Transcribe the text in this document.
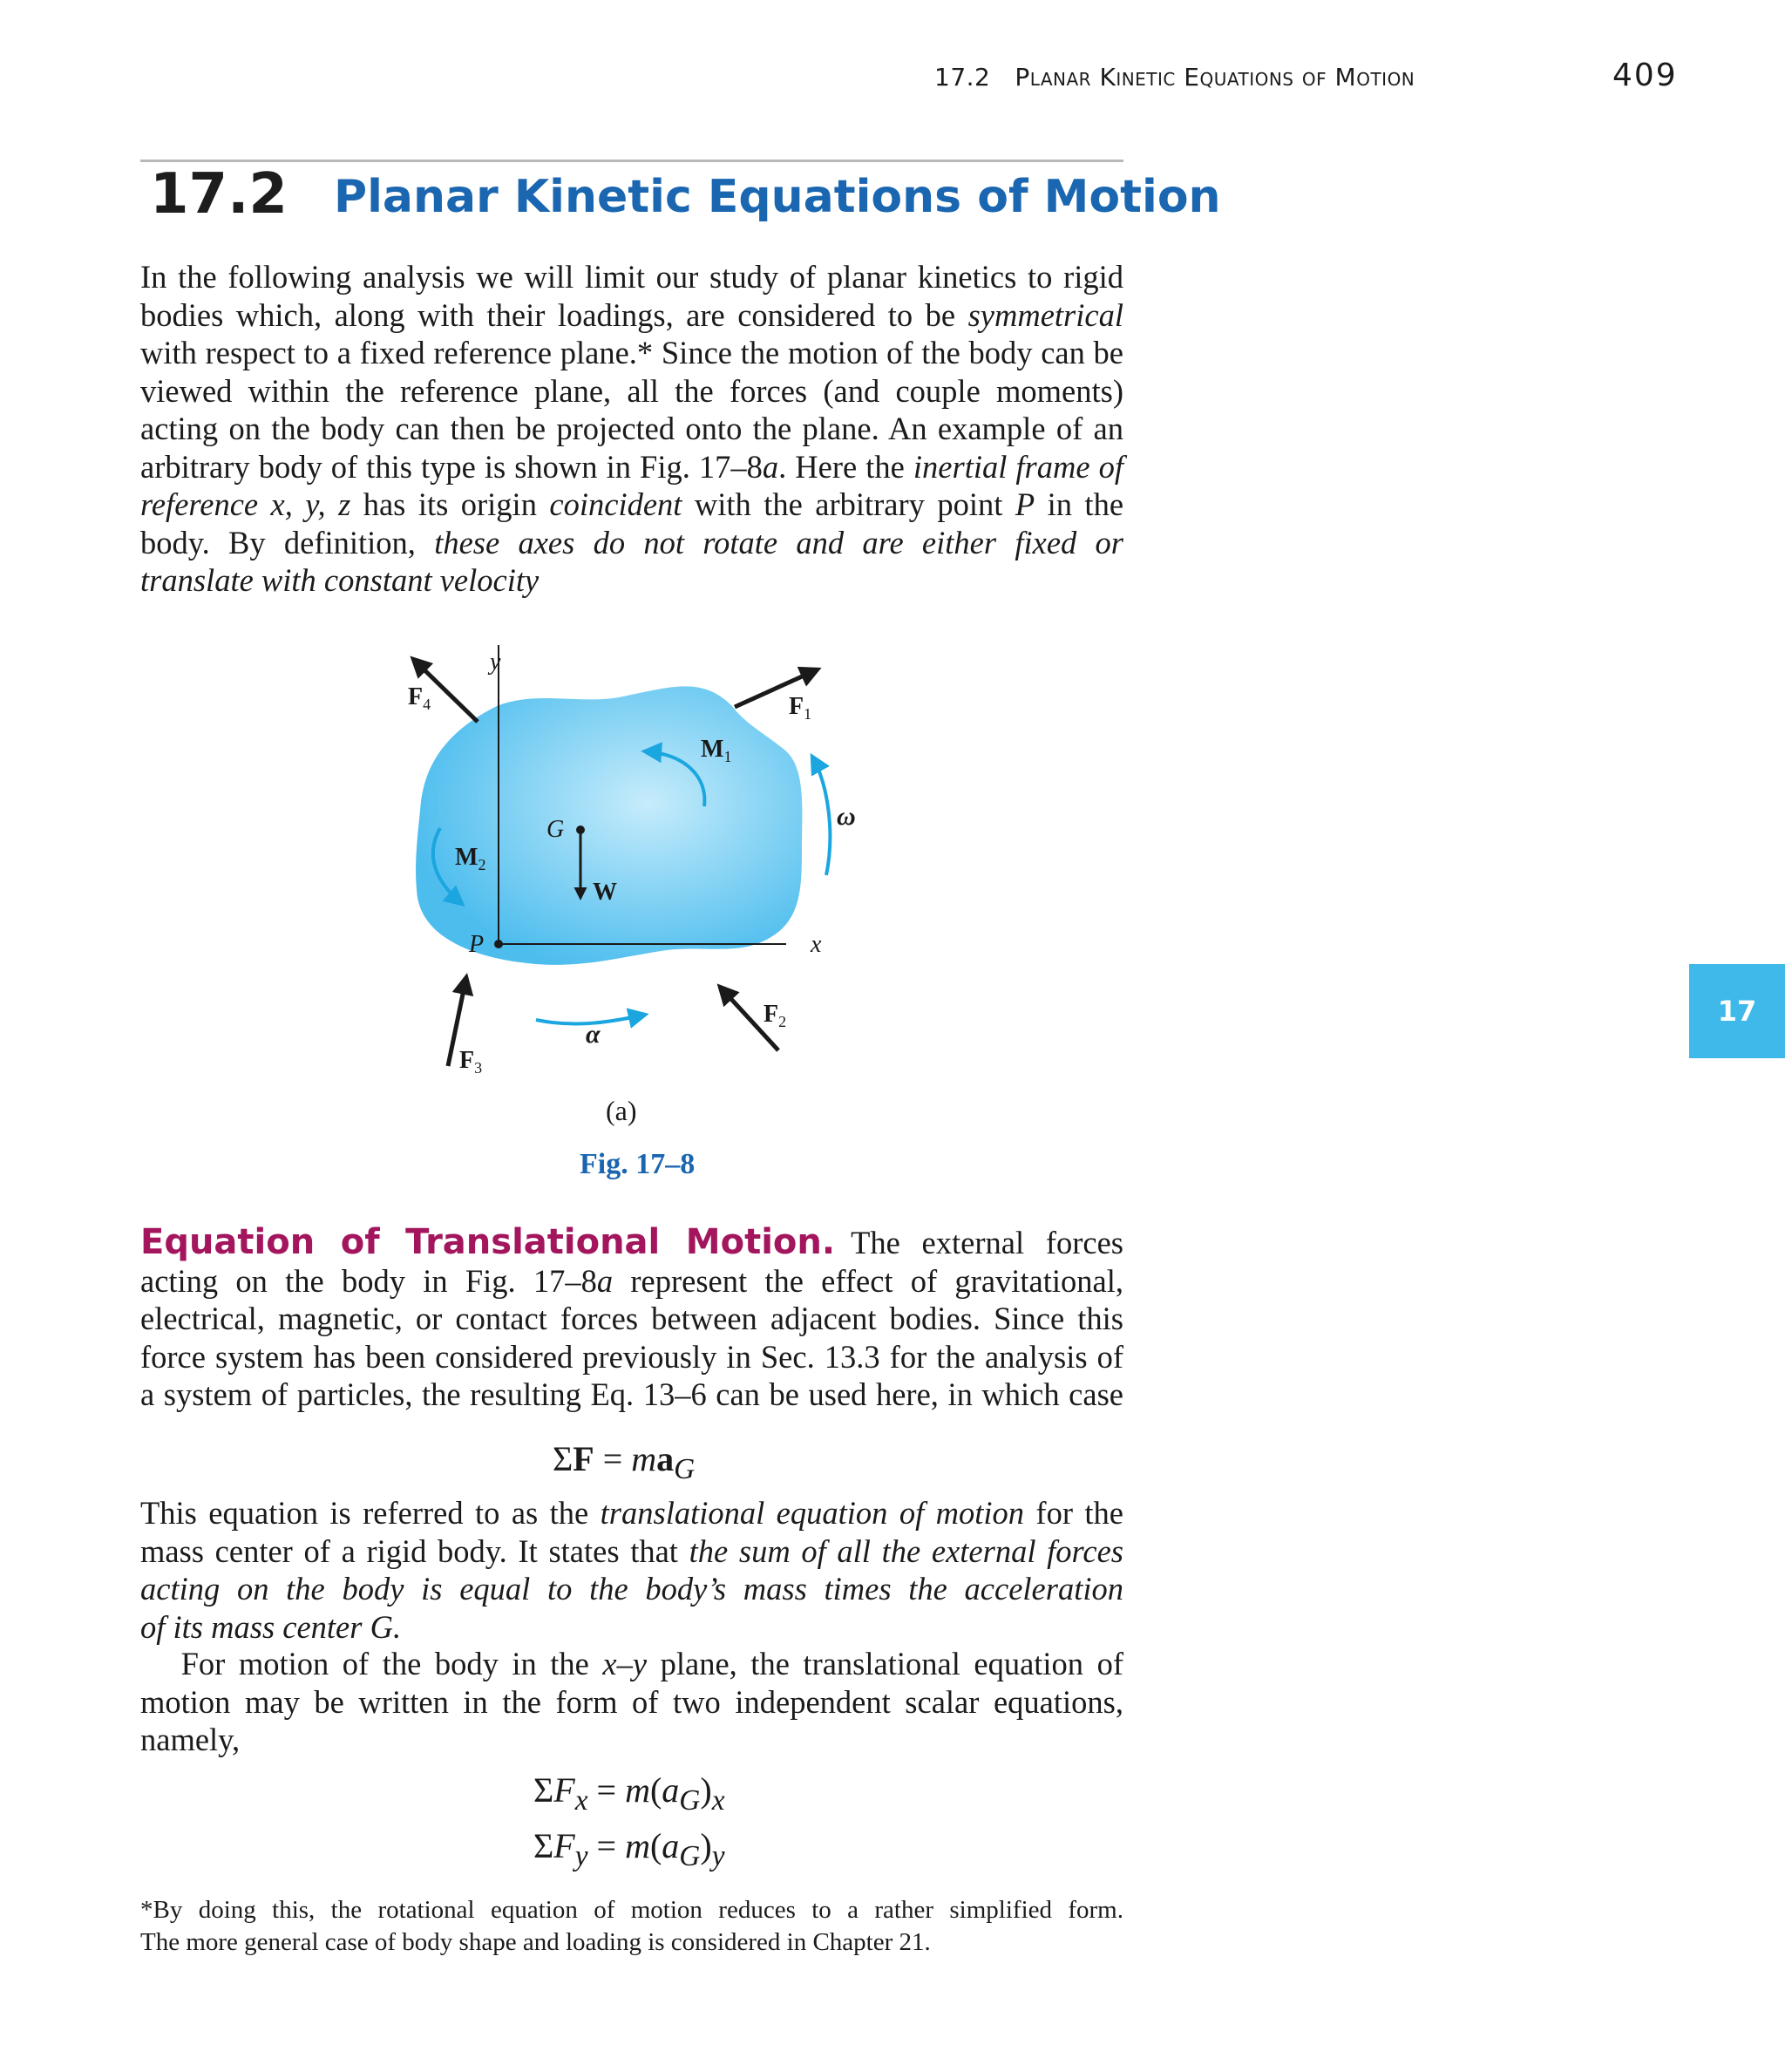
17.2 Planar Kinetic Equations of Motion	409
17.2 Planar Kinetic Equations of Motion
In the following analysis we will limit our study of planar kinetics to rigid bodies which, along with their loadings, are considered to be symmetrical with respect to a fixed reference plane.* Since the motion of the body can be viewed within the reference plane, all the forces (and couple moments) acting on the body can then be projected onto the plane. An example of an arbitrary body of this type is shown in Fig. 17–8a. Here the inertial frame of reference x, y, z has its origin coincident with the arbitrary point P in the body. By definition, these axes do not rotate and are either fixed or
translate with constant velocity
$F_4$	$F_1$
$F_2$
$F_3$
$M_1$
$M_2$
y
x
G
W
P
ω
α
(a)
Fig. 17–8
Equation of Translational Motion. The external forces acting on the body in Fig. 17–8a represent the effect of gravitational, electrical, magnetic, or contact forces between adjacent bodies. Since this force system has been considered previously in Sec. 13.3 for the analysis of a system of particles, the resulting Eq. 13–6 can be used here, in which case
$\Sigma F = ma_G$
This equation is referred to as the translational equation of motion for the mass center of a rigid body. It states that the sum of all the external forces acting on the body is equal to the body’s mass times the acceleration
of its mass center G.
For motion of the body in the x–y plane, the translational equation of motion may be written in the form of two independent scalar equations,
namely,
$\Sigma F_x = m(a_G)_x$
$\Sigma F_y = m(a_G)_y$
*By doing this, the rotational equation of motion reduces to a rather simplified form.
The more general case of body shape and loading is considered in Chapter 21.
17
